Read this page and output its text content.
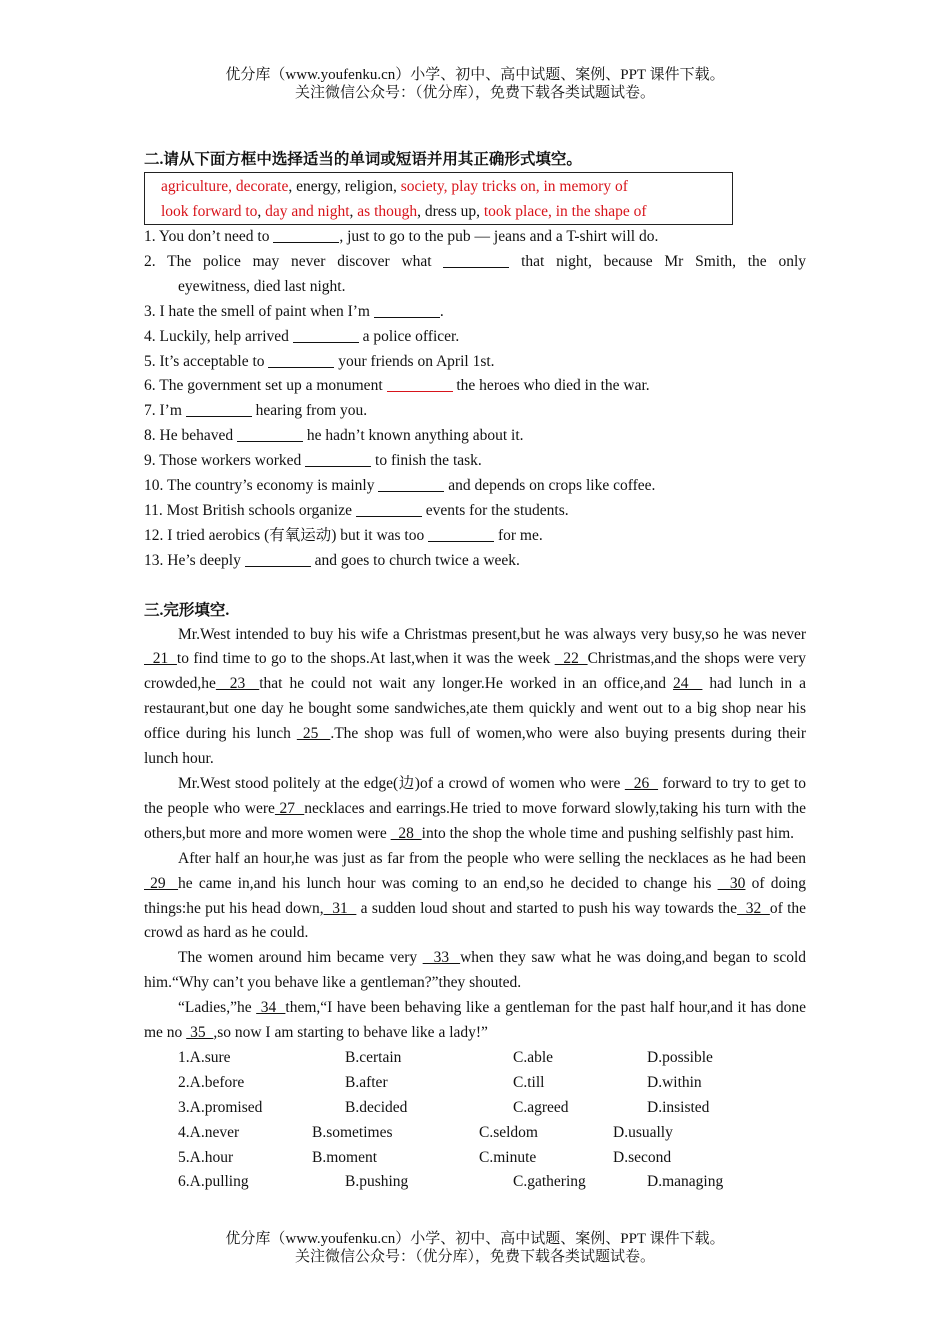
优分库（www.youfenku.cn）小学、初中、高中试题、案例、PPT 课件下载。
关注微信公众号：（优分库），免费下载各类试题试卷。
二.请从下面方框中选择适当的单词或短语并用其正确形式填空。
agriculture, decorate, energy, religion, society, play tricks on, in memory of
look forward to, day and night, as though, dress up, took place, in the shape of
1. You don’t need to	, just to go to the pub — jeans and a T-shirt will do.
2. The police may never discover what	that night, because Mr Smith, the only
eyewitness, died last night.
3. I hate the smell of paint when I’m	.
4. Luckily, help arrived	a police officer.
5. It’s acceptable to	your friends on April 1st.
6. The government set up a monument	the heroes who died in the war.
7. I’m	hearing from you.
8. He behaved	he hadn’t known anything about it.
9. Those workers worked	to finish the task.
10. The country’s economy is mainly	and depends on crops like coffee.
11. Most British schools organize	events for the students.
12. I tried aerobics (有氧运动) but it was too	for me.
13. He’s deeply	and goes to church twice a week.
三.完形填空.
Mr.West intended to buy his wife a Christmas present,but he was always very busy,so he was never  21  to find time to go to the shops.At last,when it was the week   22  Christmas,and the shops were very crowded,he  23  that he could not wait any longer.He worked in an office,and 24   had lunch in a restaurant,but one day he bought some sandwiches,ate them quickly and went out to a big shop near his office during his lunch  25  .The shop was full of women,who were also buying presents during their lunch hour.
Mr.West stood politely at the edge(边)of a crowd of women who were   26   forward to try to get to the people who were 27  necklaces and earrings.He tried to move forward slowly,taking his turn with the others,but more and more women were   28  into the shop the whole time and pushing selfishly past him.
After half an hour,he was just as far from the people who were selling the necklaces as he had been  29  he came in,and his lunch hour was coming to an end,so he decided to change his   30 of doing things:he put his head down,  31   a sudden loud shout and started to push his way towards the  32  of the crowd as hard as he could.
The women around him became very   33  when they saw what he was doing,and began to scold him.“Why can’t you behave like a gentleman?”they shouted.
“Ladies,”he  34  them,“I have been behaving like a gentleman for the past half hour,and it has done me no  35  ,so now I am starting to behave like a lady!”
1.A.sure	B.certain	C.able	D.possible
2.A.before	B.after	C.till	D.within
3.A.promised	B.decided	C.agreed	D.insisted
4.A.never	B.sometimes	C.seldom	D.usually
5.A.hour	B.moment	C.minute	D.second
6.A.pulling	B.pushing	C.gathering	D.managing
优分库（www.youfenku.cn）小学、初中、高中试题、案例、PPT 课件下载。
关注微信公众号：（优分库），免费下载各类试题试卷。
